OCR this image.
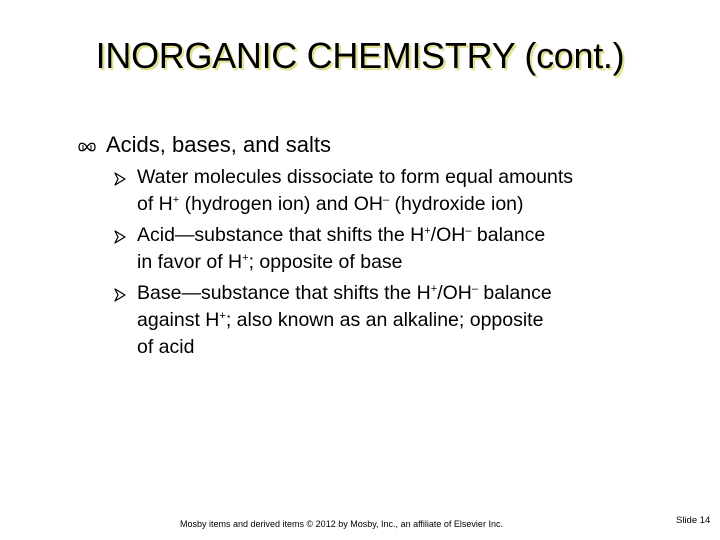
INORGANIC CHEMISTRY (cont.)
Acids, bases, and salts
Water molecules dissociate to form equal amounts
of H+ (hydrogen ion) and OH– (hydroxide ion)
Acid—substance that shifts the H+/OH– balance
in favor of H+; opposite of base
Base—substance that shifts the H+/OH– balance
against H+; also known as an alkaline; opposite
of acid
Mosby items and derived items © 2012 by Mosby, Inc., an affiliate of Elsevier Inc.	Slide 14
